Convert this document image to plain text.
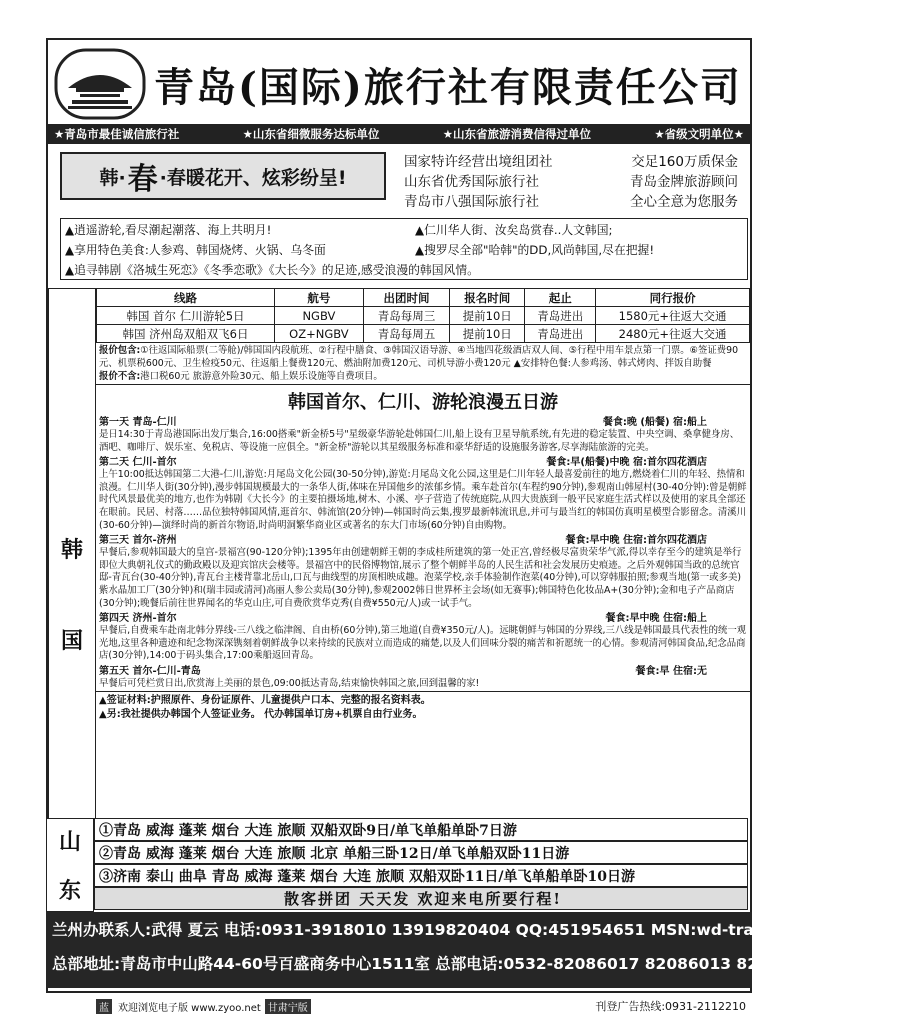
青岛(国际)旅行社有限责任公司
★青岛市最佳诚信旅行社	★山东省细微服务达标单位	★山东省旅游消费信得过单位	★省级文明单位★
韩· 春 ·春暖花开、炫彩纷呈!
国家特许经营出境组团社	交足160万质保金
山东省优秀国际旅行社	青岛金牌旅游顾问
青岛市八强国际旅行社	全心全意为您服务
▲逍遥游轮,看尽潮起潮落、海上共明月!	▲仁川华人街、汝矣岛赏春..人文韩国;
▲享用特色美食:人参鸡、韩国烧烤、火锅、乌冬面	▲搜罗尽全部"哈韩"的DD,风尚韩国,尽在把握!
▲追寻韩剧《洛城生死恋》《冬季恋歌》《大长今》的足迹,感受浪漫的韩国风情。
韩
国
线路	航号	出团时间	报名时间	起止	同行报价
韩国 首尔 仁川游轮5日	NGBV	青岛每周三	提前10日	青岛进出	1580元+往返大交通
韩国 济州岛双船双飞6日	OZ+NGBV	青岛每周五	提前10日	青岛进出	2480元+往返大交通
报价包含:①往返国际船票(二等舱)/韩国国内段航班、②行程中膳食、③韩国汉语导游、④当地四花级酒店双人间、⑤行程中用车景点第一门票。⑥签证费90元、机票税600元、卫生检疫50元、往返船上餐费120元、燃油附加费120元、司机导游小费120元 ▲安排特色餐:人参鸡汤、韩式烤肉、拌饭自助餐
报价不含:港口税60元 旅游意外险30元、船上娱乐设施等自费项目。
韩国首尔、仁川、游轮浪漫五日游
第一天 青岛-仁川	餐食:晚 (船餐) 宿:船上
是日14:30于青岛港国际出发厅集合,16:00搭乘"新金桥5号"星级豪华游轮赴韩国仁川,船上设有卫星导航系统,有先进的稳定装置、中央空调、桑拿健身房、酒吧、咖啡厅、娱乐室、免税店、等设施一应俱全。"新金桥"游轮以其星级服务标准和豪华舒适的设施服务游客,尽享海陆旅游的完美。
第二天 仁川-首尔	餐食:早(船餐)中晚 宿:首尔四花酒店
上午10:00抵达韩国第二大港-仁川,游览:月尾岛文化公园(30-50分钟),游览:月尾岛文化公园,这里是仁川年轻人最喜爱前往的地方,燃烧着仁川的年轻、热情和浪漫。仁川华人街(30分钟),漫步韩国规模最大的一条华人街,体味在异国他乡的浓郁乡情。乘车赴首尔(车程约90分钟),参观南山韩屋村(30-40分钟):曾是朝鲜时代风景最优美的地方,也作为韩剧《大长今》的主要拍摄场地,树木、小溪、亭子营造了传统庭院,从四大贵族到一般平民家庭生活式样以及使用的家具全部还在眼前。民居、村落……品位独特韩国风情,逛首尔、韩流馆(20分钟)—韩国时尚云集,搜罗最新韩流讯息,并可与最当红的韩国仿真明星模型合影留念。清溪川(30-60分钟)—演绎时尚的新首尔物语,时尚明洞繁华商业区或著名的东大门市场(60分钟)自由购物。
第三天 首尔-济州	餐食:早中晚 住宿:首尔四花酒店
早餐后,参观韩国最大的皇宫-景福宫(90-120分钟);1395年由创建朝鲜王朝的李成桂所建筑的第一处正宫,曾经极尽富贵荣华气派,得以幸存至今的建筑是举行即位大典朝礼仪式的勤政殿以及迎宾馆庆会楼等。景福宫中的民俗博物馆,展示了整个朝鲜半岛的人民生活和社会发展历史痕迹。之后外观韩国当政的总统官邸-青瓦台(30-40分钟),青瓦台主楼背靠北岳山,口瓦与曲线型的房顶相映成趣。泡菜学校,亲手体验制作泡菜(40分钟),可以穿韩服拍照;参观当地(第一或多美)紫水晶加工厂(30分钟)和(瑞丰园或清河)高丽人参公卖局(30分钟),参观2002韩日世界杯主会场(如无赛事);韩国特色化妆品A+(30分钟);金和电子产品商店(30分钟);晚餐后前往世界闻名的华克山庄,可自费欣赏华克秀(自费¥550元/人)或一试手气。
第四天 济州-首尔	餐食:早中晚 住宿:船上
早餐后,自费乘车赴南北韩分界线-三八线之临津阁、自由桥(60分钟),第三地道(自费¥350元/人)。远眺朝鲜与韩国的分界线,三八线是韩国最具代表性的统一观光地,这里各种遗迹和纪念物深深镌刻着朝鲜战争以来持续的民族对立而造成的痛楚,以及人们回味分裂的痛苦和祈愿统一的心情。参观清河韩国食品,纪念品商店(30分钟),14:00于码头集合,17:00乘船返回青岛。
第五天 首尔-仁川-青岛	餐食:早 住宿:无
早餐后可凭栏赏日出,欣赏海上美丽的景色,09:00抵达青岛,结束愉快韩国之旅,回到温馨的家!
▲签证材料:护照原件、身份证原件、儿童提供户口本、完整的报名资料表。
▲另:我社提供办韩国个人签证业务。 代办韩国单订房+机票自由行业务。
兰州办联系人:武得 夏云 电话:0931-3918010 13919820404 QQ:451954651 MSN:wd-travel@hotmail.com
总部地址:青岛市中山路44-60号百盛商务中心1511室 总部电话:0532-82086017 82086013 82086018
山
东
①青岛 威海 蓬莱 烟台 大连 旅顺 双船双卧9日/单飞单船单卧7日游
②青岛 威海 蓬莱 烟台 大连 旅顺 北京 单船三卧12日/单飞单船双卧11日游
③济南 泰山 曲阜 青岛 威海 蓬莱 烟台 大连 旅顺 双船双卧11日/单飞单船单卧10日游
散客拼团 天天发 欢迎来电所要行程!
蓝 欢迎浏览电子版 www.zyoo.net 甘肃宁版	刊登广告热线:0931-2112210
